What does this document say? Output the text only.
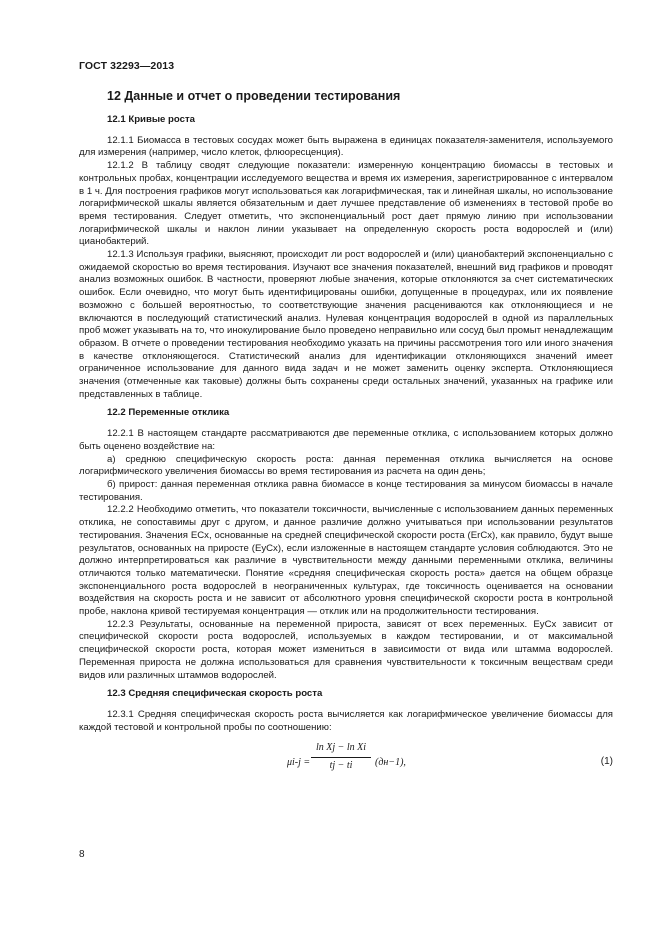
ГОСТ 32293—2013
12 Данные и отчет о проведении тестирования
12.1 Кривые роста

12.1.1 Биомасса в тестовых сосудах может быть выражена в единицах показателя-заменителя, используемого для измерения (например, число клеток, флюоресценция).

12.1.2 В таблицу сводят следующие показатели: измеренную концентрацию биомассы в тестовых и контрольных пробах, концентрации исследуемого вещества и время их измерения, зарегистрированное с интервалом в 1 ч. Для построения графиков могут использоваться как логарифмическая, так и линейная шкалы, но использование логарифмической шкалы является обязательным и дает лучшее представление об изменениях в тестовой пробе во время тестирования. Следует отметить, что экспоненциальный рост дает прямую линию при использовании логарифмической шкалы и наклон линии указывает на определенную скорость роста водорослей и (или) цианобактерий.

12.1.3 Используя графики, выясняют, происходит ли рост водорослей и (или) цианобактерий экспоненциально с ожидаемой скоростью во время тестирования. Изучают все значения показателей, внешний вид графиков и проводят анализ возможных ошибок. В частности, проверяют любые значения, которые отклоняются за счет систематических ошибок. Если очевидно, что могут быть идентифицированы ошибки, допущенные в процедурах, или их появление возможно с большей вероятностью, то соответствующие значения расцениваются как отклоняющиеся и не включаются в последующий статистический анализ. Нулевая концентрация водорослей в одной из параллельных проб может указывать на то, что инокулирование было проведено неправильно или сосуд был промыт ненадлежащим образом. В отчете о проведении тестирования необходимо указать на причины рассмотрения того или иного значения в качестве отклоняющегося. Статистический анализ для идентификации отклоняющихся значений имеет ограниченное использование для данного вида задач и не может заменить оценку эксперта. Отклоняющиеся значения (отмеченные как таковые) должны быть сохранены среди остальных значений, указанных на графике или представленных в таблице.

12.2 Переменные отклика

12.2.1 В настоящем стандарте рассматриваются две переменные отклика, с использованием которых должно быть оценено воздействие на:

а) среднюю специфическую скорость роста: данная переменная отклика вычисляется на основе логарифмического увеличения биомассы во время тестирования из расчета на один день;

б) прирост: данная переменная отклика равна биомассе в конце тестирования за минусом биомассы в начале тестирования.

12.2.2 Необходимо отметить, что показатели токсичности, вычисленные с использованием данных переменных отклика, не сопоставимы друг с другом, и данное различие должно учитываться при использовании результатов тестирования. Значения ECx, основанные на средней специфической скорости роста (ErCx), как правило, будут выше результатов, основанных на приросте (EyCx), если изложенные в настоящем стандарте условия соблюдаются. Это не должно интерпретироваться как различие в чувствительности между данными переменными отклика, величины отличаются только математически. Понятие «средняя специфическая скорость роста» дается на общем образце экспоненциального роста водорослей в неограниченных культурах, где токсичность оценивается на основании воздействия на скорость роста и не зависит от абсолютного уровня специфической скорости роста в контрольной пробе, наклона кривой тестируемая концентрация — отклик или на продолжительности тестирования.

12.2.3 Результаты, основанные на переменной прироста, зависят от всех переменных. EyCx зависит от специфической скорости роста водорослей, используемых в каждом тестировании, и от максимальной специфической скорости роста, которая может измениться в зависимости от вида или штамма водорослей. Переменная прироста не должна использоваться для сравнения чувствительности к токсичным веществам среди видов или различных штаммов водорослей.

12.3 Средняя специфическая скорость роста

12.3.1 Средняя специфическая скорость роста вычисляется как логарифмическое увеличение биомассы для каждой тестовой и контрольной пробы по соотношению:

$\mu i-j = \frac{\text{ln Xj − ln Xi}}{tj - ti} (дн-1)$,	(1)
8
